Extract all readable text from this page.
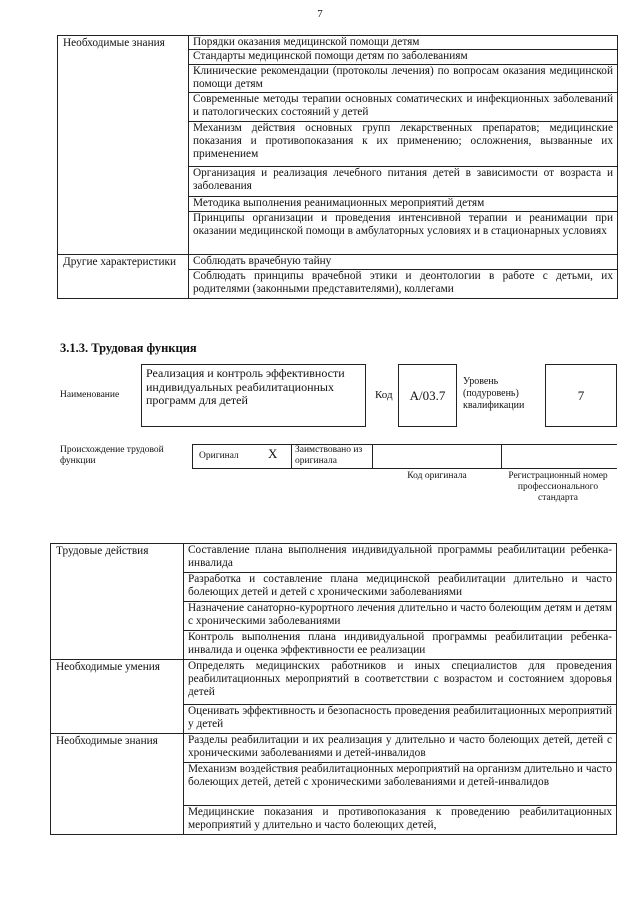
7
Необходимые знания	Порядки оказания медицинской помощи детям
	Стандарты медицинской помощи детям по заболеваниям
	Клинические рекомендации (протоколы лечения) по вопросам оказания медицинской помощи детям
	Современные методы терапии основных соматических и инфекционных заболеваний и патологических состояний у детей
	Механизм действия основных групп лекарственных препаратов; медицинские показания и противопоказания к их применению; осложнения, вызванные их применением
	Организация и реализация лечебного питания детей в зависимости от возраста и заболевания
	Методика выполнения реанимационных мероприятий детям
	Принципы организации и проведения интенсивной терапии и реанимации при оказании медицинской помощи в амбулаторных условиях и в стационарных условиях
Другие характеристики	Соблюдать врачебную тайну
	Соблюдать принципы врачебной этики и деонтологии в работе с детьми, их родителями (законными представителями), коллегами
3.1.3. Трудовая функция
Наименование
Реализация и контроль эффективности индивидуальных реабилитационных программ для детей	Код	A/03.7
Уровень (подуровень) квалификации
7
Происхождение трудовой функции	Оригинал X Заимствовано из оригинала
Код оригинала	Регистрационный номер профессионального стандарта
Трудовые действия	Составление плана выполнения индивидуальной программы реабилитации ребенка-инвалида
	Разработка и составление плана медицинской реабилитации длительно и часто болеющих детей и детей с хроническими заболеваниями
	Назначение санаторно-курортного лечения длительно и часто болеющим детям и детям с хроническими заболеваниями
	Контроль выполнения плана индивидуальной программы реабилитации ребенка-инвалида и оценка эффективности ее реализации
Необходимые умения	Определять медицинских работников и иных специалистов для проведения реабилитационных мероприятий в соответствии с возрастом и состоянием здоровья детей
	Оценивать эффективность и безопасность проведения реабилитационных мероприятий у детей
Необходимые знания	Разделы реабилитации и их реализация у длительно и часто болеющих детей, детей с хроническими заболеваниями и детей-инвалидов
	Механизм воздействия реабилитационных мероприятий на организм длительно и часто болеющих детей, детей с хроническими заболеваниями и детей-инвалидов
	Медицинские показания и противопоказания к проведению реабилитационных мероприятий у длительно и часто болеющих детей,
